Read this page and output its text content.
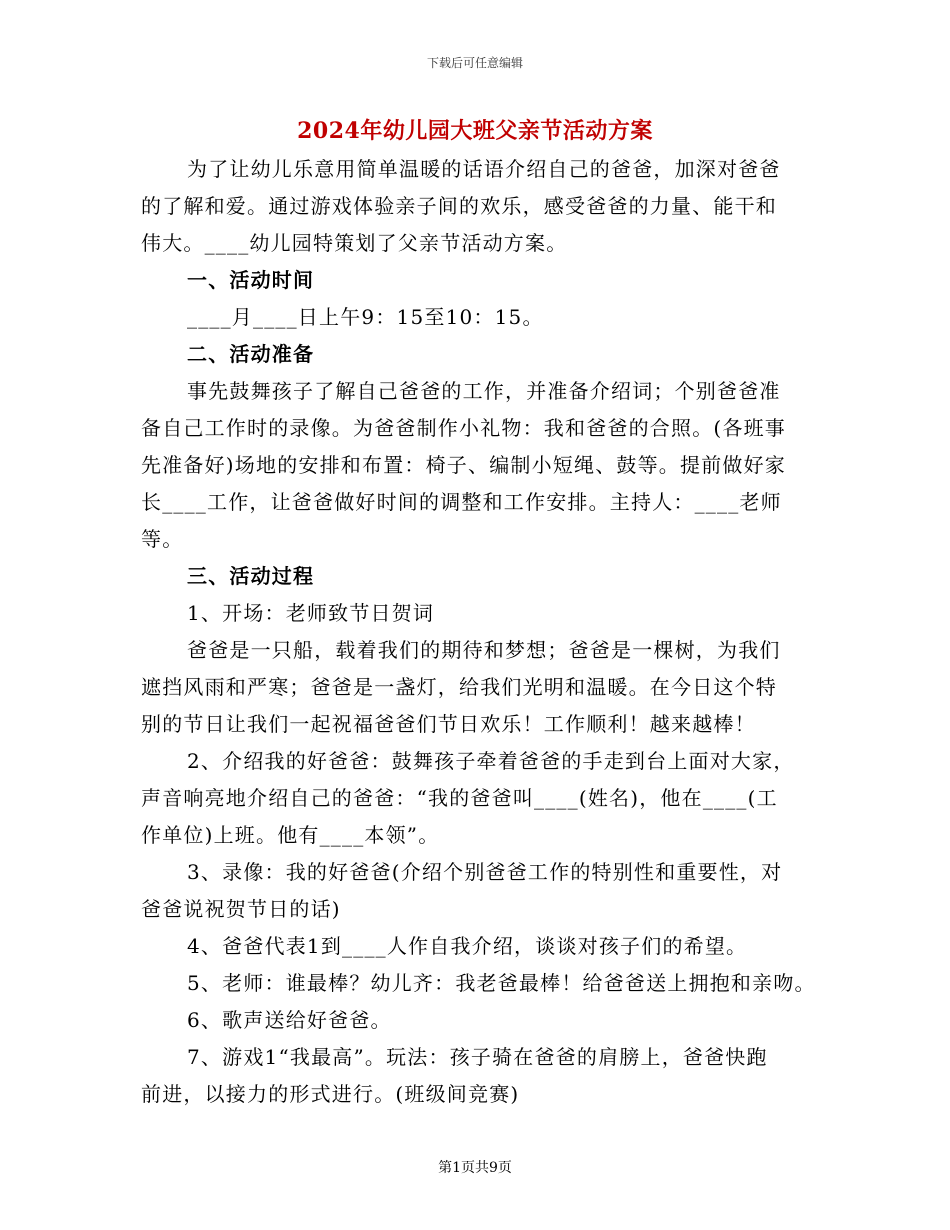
下载后可任意编辑
2024年幼儿园大班父亲节活动方案
为了让幼儿乐意用简单温暖的话语介绍自己的爸爸，加深对爸爸
的了解和爱。通过游戏体验亲子间的欢乐，感受爸爸的力量、能干和
伟大。____幼儿园特策划了父亲节活动方案。
一、活动时间
____月____日上午9：15至10：15。
二、活动准备
事先鼓舞孩子了解自己爸爸的工作，并准备介绍词；个别爸爸准
备自己工作时的录像。为爸爸制作小礼物：我和爸爸的合照。(各班事
先准备好)场地的安排和布置：椅子、编制小短绳、鼓等。提前做好家
长____工作，让爸爸做好时间的调整和工作安排。主持人：____老师
等。
三、活动过程
1、开场：老师致节日贺词
爸爸是一只船，载着我们的期待和梦想；爸爸是一棵树，为我们
遮挡风雨和严寒；爸爸是一盏灯，给我们光明和温暖。在今日这个特
别的节日让我们一起祝福爸爸们节日欢乐！工作顺利！越来越棒！
2、介绍我的好爸爸：鼓舞孩子牵着爸爸的手走到台上面对大家，
声音响亮地介绍自己的爸爸：“我的爸爸叫____(姓名)，他在____(工
作单位)上班。他有____本领”。
3、录像：我的好爸爸(介绍个别爸爸工作的特别性和重要性，对
爸爸说祝贺节日的话)
4、爸爸代表1到____人作自我介绍，谈谈对孩子们的希望。
5、老师：谁最棒？幼儿齐：我老爸最棒！给爸爸送上拥抱和亲吻。
6、歌声送给好爸爸。
7、游戏1“我最高”。玩法：孩子骑在爸爸的肩膀上，爸爸快跑
前进，以接力的形式进行。(班级间竞赛)
第1页共9页
